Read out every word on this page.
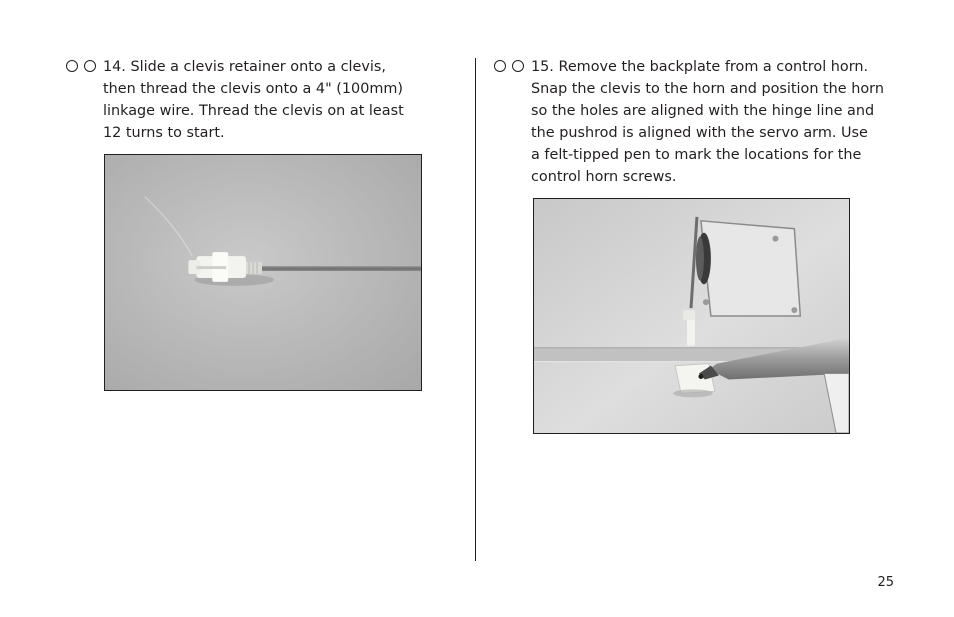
14. Slide a clevis retainer onto a clevis,
then thread the clevis onto a 4" (100mm)
linkage wire. Thread the clevis on at least
12 turns to start.
15. Remove the backplate from a control horn.
Snap the clevis to the horn and position the horn
so the holes are aligned with the hinge line and
the pushrod is aligned with the servo arm. Use
a felt-tipped pen to mark the locations for the
control horn screws.
25
